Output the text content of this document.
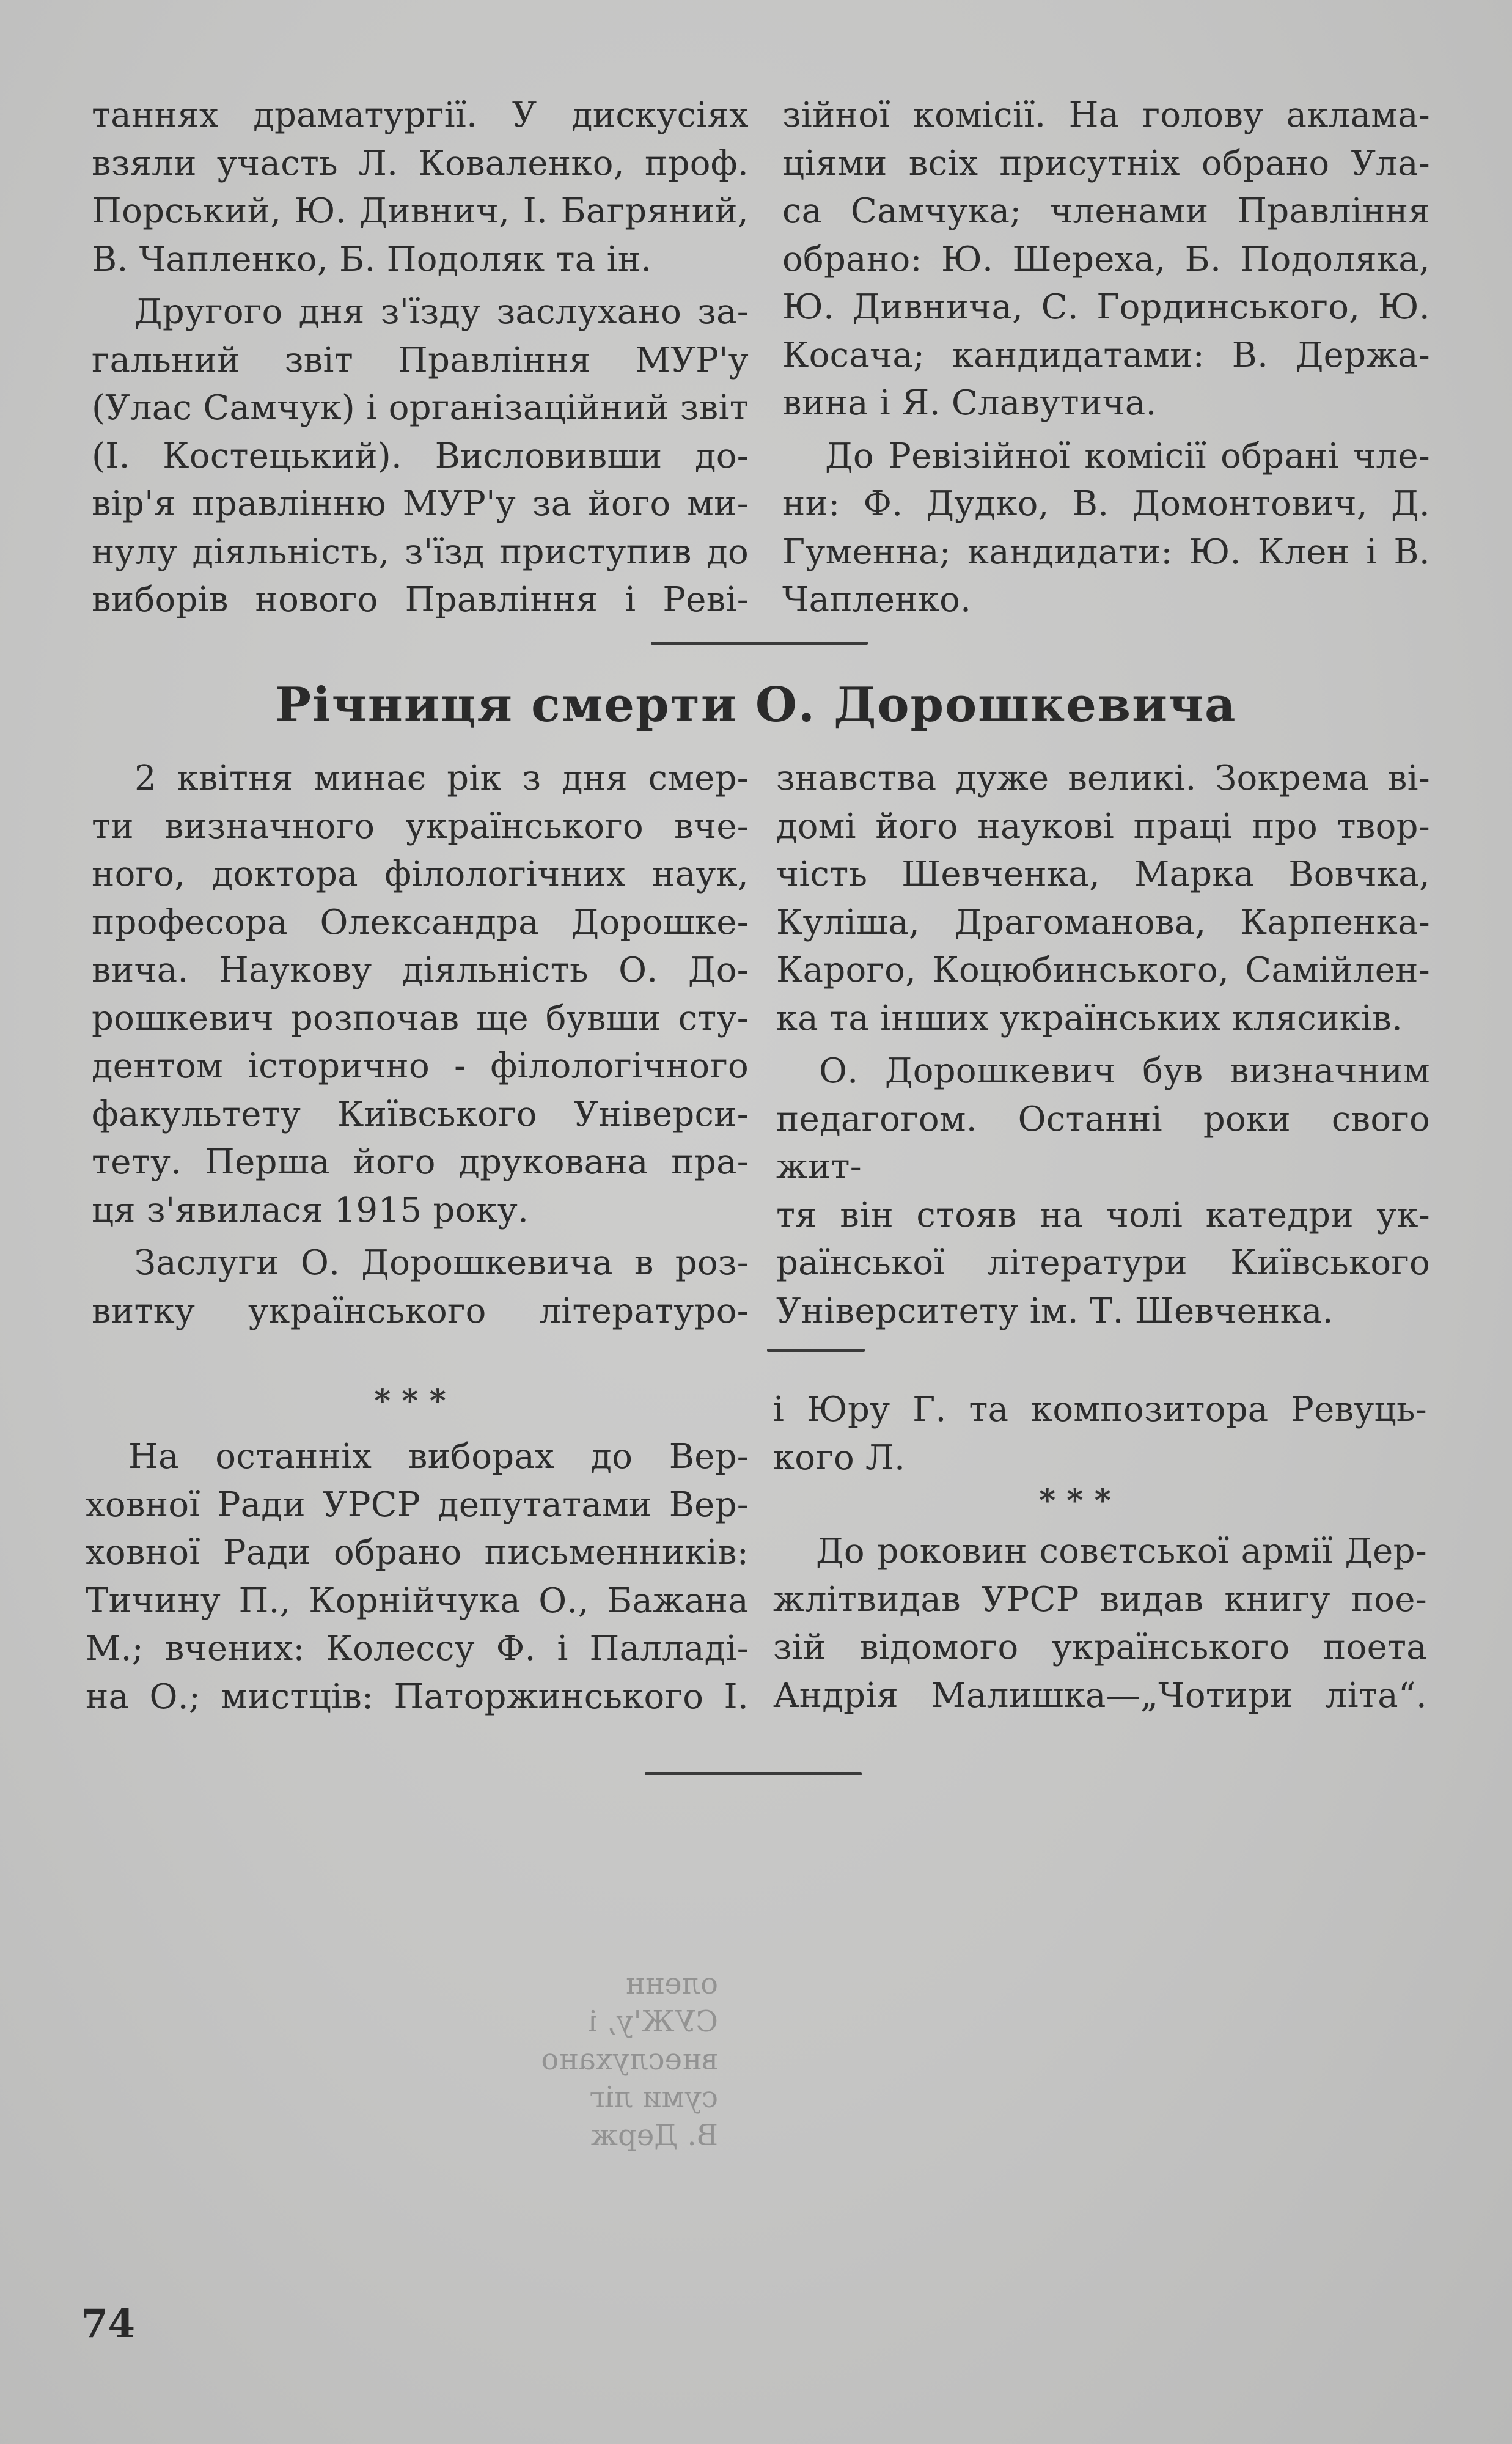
таннях драматургії. У дискусіях

взяли участь Л. Коваленко, проф.

Порський, Ю. Дивнич, І. Багряний,

В. Чапленко, Б. Подоляк та ін.

Другого дня з'їзду заслухано за-

гальний звіт Правління МУР'у

(Улас Самчук) і організаційний звіт

(І. Костецький). Висловивши до-

вір'я правлінню МУР'у за його ми-

нулу діяльність, з'їзд приступив до

виборів нового Правління і Реві-

зійної комісії. На голову аклама-

ціями всіх присутніх обрано Ула-

са Самчука; членами Правління

обрано: Ю. Шереха, Б. Подоляка,

Ю. Дивнича, С. Гординського, Ю.

Косача; кандидатами: В. Держа-

вина і Я. Славутича.

До Ревізійної комісії обрані чле-

ни: Ф. Дудко, В. Домонтович, Д.

Гуменна; кандидати: Ю. Клен і В.

Чапленко.

Річниця смерти О. Дорошкевича

2 квітня минає рік з дня смер-

ти визначного українського вче-

ного, доктора філологічних наук,

професора Олександра Дорошке-

вича. Наукову діяльність О. До-

рошкевич розпочав ще бувши сту-

дентом історично - філологічного

факультету Київського Універси-

тету. Перша його друкована пра-

ця з'явилася 1915 року.

Заслуги О. Дорошкевича в роз-

витку українського літературо-

знавства дуже великі. Зокрема ві-

домі його наукові праці про твор-

чість Шевченка, Марка Вовчка,

Куліша, Драгоманова, Карпенка-

Карого, Коцюбинського, Самійлен-

ка та інших українських клясиків.

О. Дорошкевич був визначним

педагогом. Останні роки свого жит-

тя він стояв на чолі катедри ук-

раїнської літератури Київського

Університету ім. Т. Шевченка.

* * *

На останніх виборах до Вер-

ховної Ради УРСР депутатами Вер-

ховної Ради обрано письменників:

Тичину П., Корнійчука О., Бажана

М.; вчених: Колессу Ф. і Палладі-

на О.; мистців: Паторжинського І.

і Юру Г. та композитора Ревуць-

кого Л.

* * *

До роковин совєтської армії Дер-

жлітвидав УРСР видав книгу пое-

зій відомого українського поета

Андрія Малишка—„Чотири літа“.

оленн
СУЖ'у, і
внеслухано
суми ліг
В. Держ
74
